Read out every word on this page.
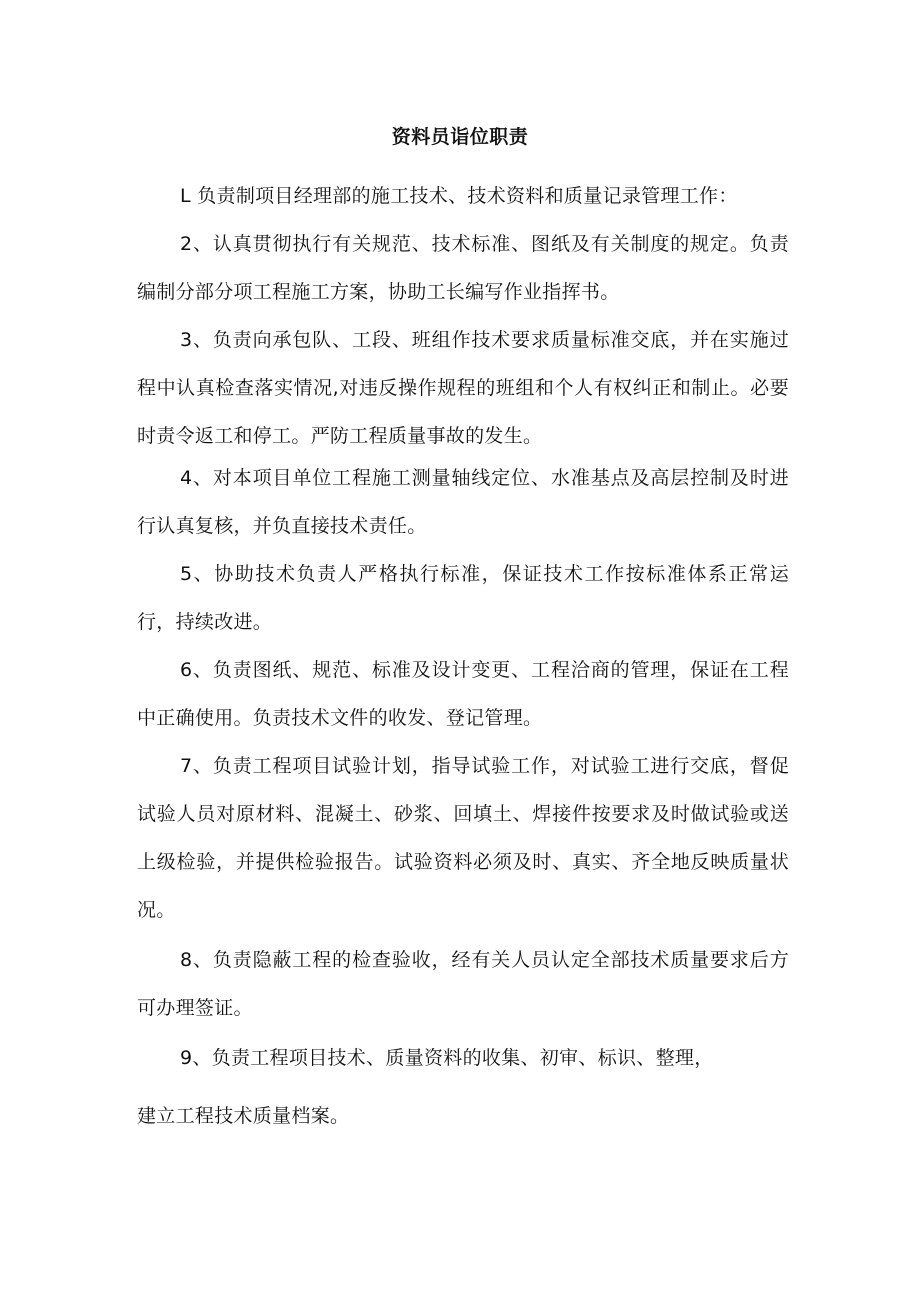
资料员诣位职责

L 负责制项目经理部的施工技术、技术资料和质量记录管理工作：

2、认真贯彻执行有关规范、技术标准、图纸及有关制度的规定。负责编制分部分项工程施工方案，协助工长编写作业指挥书。

3、负责向承包队、工段、班组作技术要求质量标准交底，并在实施过程中认真检查落实情况,对违反操作规程的班组和个人有权纠正和制止。必要时责令返工和停工。严防工程质量事故的发生。

4、对本项目单位工程施工测量轴线定位、水准基点及高层控制及时进行认真复核，并负直接技术责任。

5、协助技术负责人严格执行标准，保证技术工作按标准体系正常运行，持续改进。

6、负责图纸、规范、标准及设计变更、工程洽商的管理，保证在工程中正确使用。负责技术文件的收发、登记管理。

7、负责工程项目试验计划，指导试验工作，对试验工进行交底，督促试验人员对原材料、混凝土、砂浆、回填土、焊接件按要求及时做试验或送上级检验，并提供检验报告。试验资料必须及时、真实、齐全地反映质量状况。

8、负责隐蔽工程的检查验收，经有关人员认定全部技术质量要求后方可办理签证。

9、负责工程项目技术、质量资料的收集、初审、标识、整理，

建立工程技术质量档案。
